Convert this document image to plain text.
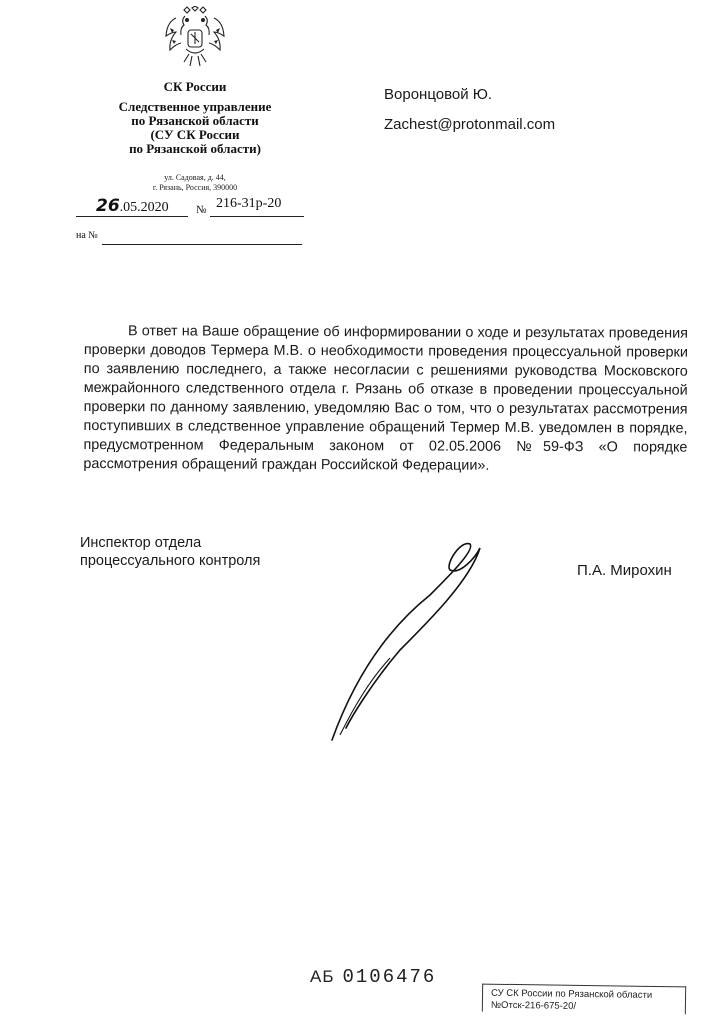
СК России
Следственное управление
по Рязанской области
(СУ СК России
по Рязанской области)
ул. Садовая, д. 44,
г. Рязань, Россия, 390000
26.05.2020 № 216-31р-20
на №
Воронцовой Ю.
Zachest@protonmail.com
В ответ на Ваше обращение об информировании о ходе и результатах проведения проверки доводов Термера М.В. о необходимости проведения процессуальной проверки по заявлению последнего, а также несогласии с решениями руководства Московского межрайонного следственного отдела г. Рязань об отказе в проведении процессуальной проверки по данному заявлению, уведомляю Вас о том, что о результатах рассмотрения поступивших в следственное управление обращений Термер М.В. уведомлен в порядке, предусмотренном Федеральным законом от 02.05.2006 №59-ФЗ «О порядке рассмотрения обращений граждан Российской Федерации».
Инспектор отдела
процессуального контроля
П.А. Мирохин
АБ 0106476
СУ СК России по Рязанской области
№Отск-216-675-20/
